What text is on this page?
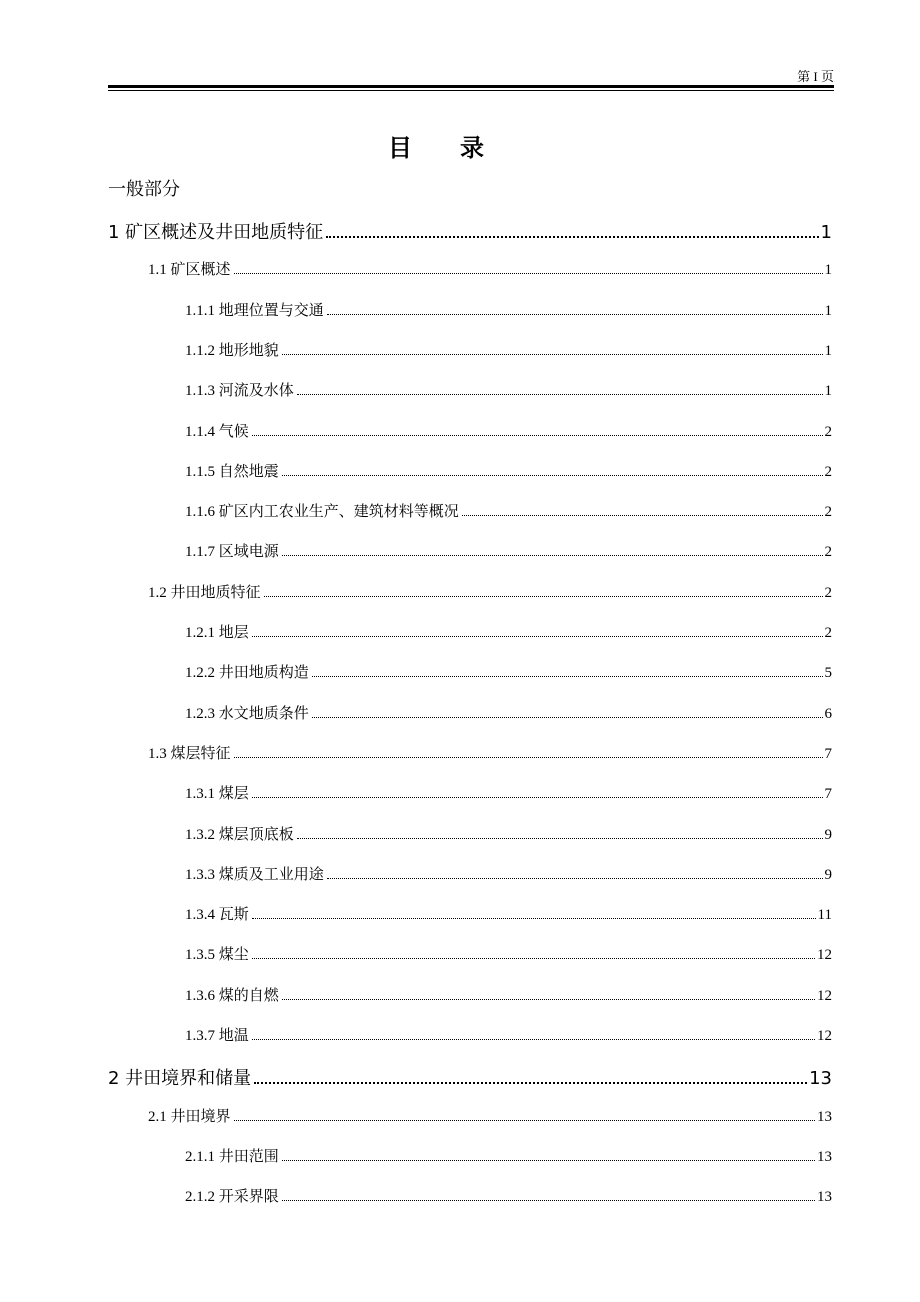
第 I 页
目录
一般部分
1 矿区概述及井田地质特征	1
1.1 矿区概述	1
1.1.1 地理位置与交通	1
1.1.2 地形地貌	1
1.1.3 河流及水体	1
1.1.4 气候	2
1.1.5 自然地震	2
1.1.6 矿区内工农业生产、建筑材料等概况	2
1.1.7 区域电源	2
1.2 井田地质特征	2
1.2.1 地层	2
1.2.2 井田地质构造	5
1.2.3 水文地质条件	6
1.3 煤层特征	7
1.3.1 煤层	7
1.3.2 煤层顶底板	9
1.3.3 煤质及工业用途	9
1.3.4 瓦斯	11
1.3.5 煤尘	12
1.3.6 煤的自燃	12
1.3.7 地温	12
2 井田境界和储量	13
2.1 井田境界	13
2.1.1 井田范围	13
2.1.2 开采界限	13
